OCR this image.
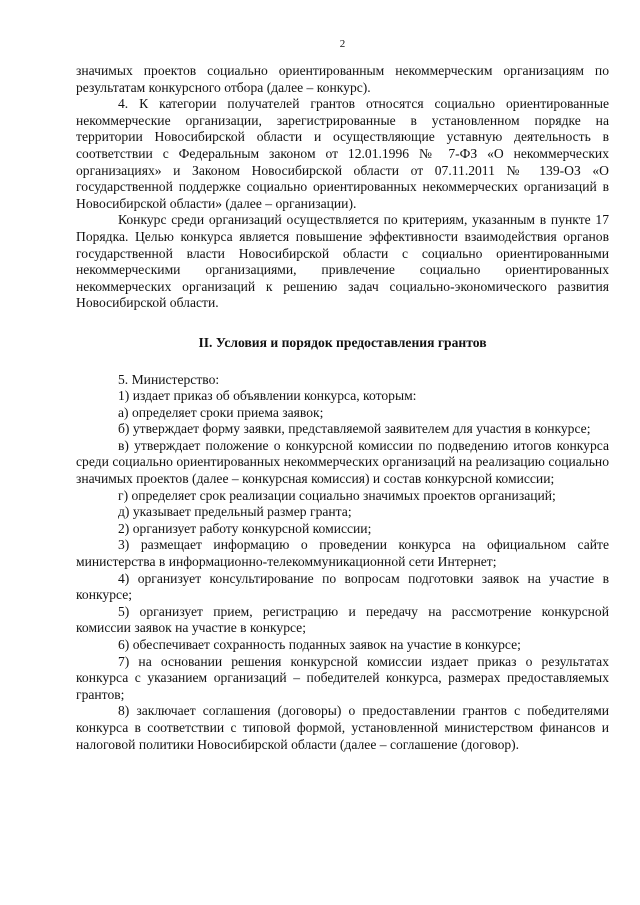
2

значимых проектов социально ориентированным некоммерческим организациям по результатам конкурсного отбора (далее – конкурс).

4. К категории получателей грантов относятся социально ориентированные некоммерческие организации, зарегистрированные в установленном порядке на территории Новосибирской области и осуществляющие уставную деятельность в соответствии с Федеральным законом от 12.01.1996 № 7-ФЗ «О некоммерческих организациях» и Законом Новосибирской области от 07.11.2011 № 139-ОЗ «О государственной поддержке социально ориентированных некоммерческих организаций в Новосибирской области» (далее – организации).

Конкурс среди организаций осуществляется по критериям, указанным в пункте 17 Порядка. Целью конкурса является повышение эффективности взаимодействия органов государственной власти Новосибирской области с социально ориентированными некоммерческими организациями, привлечение социально ориентированных некоммерческих организаций к решению задач социально-экономического развития Новосибирской области.

II. Условия и порядок предоставления грантов

5. Министерство:

1) издает приказ об объявлении конкурса, которым:

а) определяет сроки приема заявок;

б) утверждает форму заявки, представляемой заявителем для участия в конкурсе;

в) утверждает положение о конкурсной комиссии по подведению итогов конкурса среди социально ориентированных некоммерческих организаций на реализацию социально значимых проектов (далее – конкурсная комиссия) и состав конкурсной комиссии;

г) определяет срок реализации социально значимых проектов организаций;

д) указывает предельный размер гранта;

2) организует работу конкурсной комиссии;

3) размещает информацию о проведении конкурса на официальном сайте министерства в информационно-телекоммуникационной сети Интернет;

4) организует консультирование по вопросам подготовки заявок на участие в конкурсе;

5) организует прием, регистрацию и передачу на рассмотрение конкурсной комиссии заявок на участие в конкурсе;

6) обеспечивает сохранность поданных заявок на участие в конкурсе;

7) на основании решения конкурсной комиссии издает приказ о результатах конкурса с указанием организаций – победителей конкурса, размерах предоставляемых грантов;

8) заключает соглашения (договоры) о предоставлении грантов с победителями конкурса в соответствии с типовой формой, установленной министерством финансов и налоговой политики Новосибирской области (далее – соглашение (договор).
